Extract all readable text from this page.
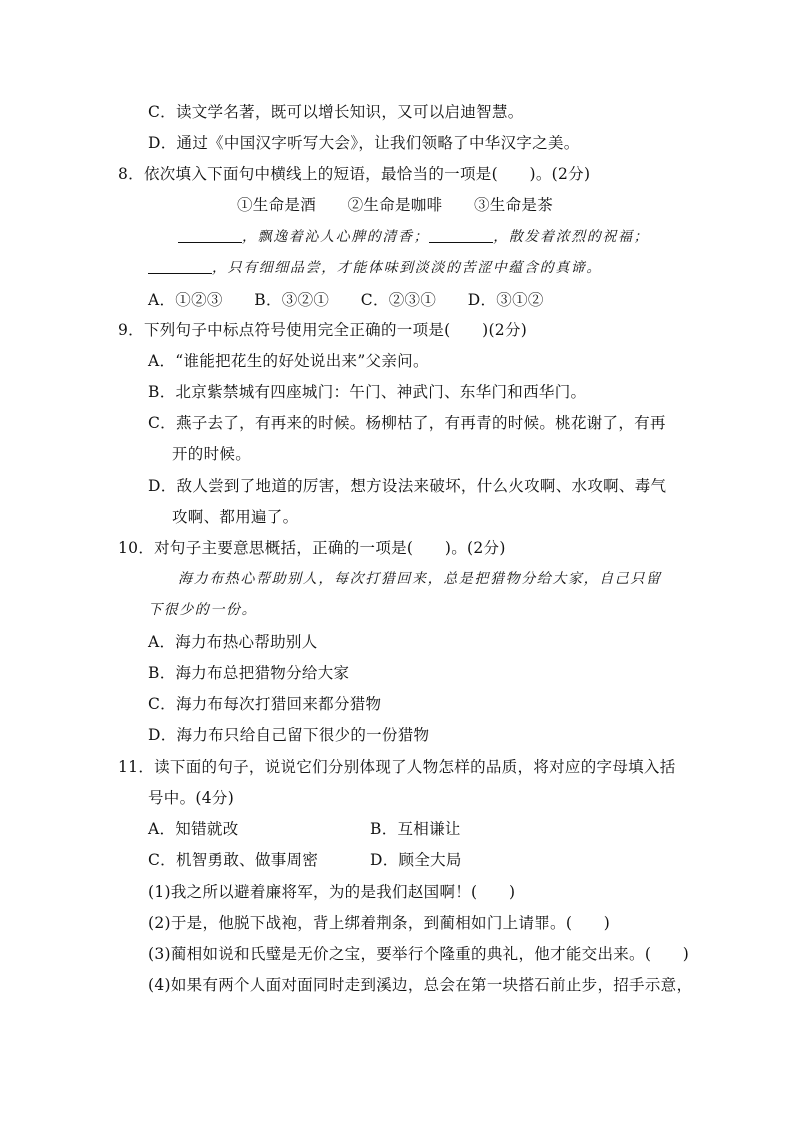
C．读文学名著，既可以增长知识，又可以启迪智慧。
D．通过《中国汉字听写大会》，让我们领略了中华汉字之美。
8．依次填入下面句中横线上的短语，最恰当的一项是(　　)。(2分)
①生命是酒　　②生命是咖啡　　③生命是茶
，飘逸着沁人心脾的清香；	，散发着浓烈的祝福；
，只有细细品尝，才能体味到淡淡的苦涩中蕴含的真谛。
A．①②③　　B．③②①　　C．②③①　　D．③①②
9．下列句子中标点符号使用完全正确的一项是(　　)(2分)
A．“谁能把花生的好处说出来”父亲问。
B．北京紫禁城有四座城门：午门、神武门、东华门和西华门。
C．燕子去了，有再来的时候。杨柳枯了，有再青的时候。桃花谢了，有再
开的时候。
D．敌人尝到了地道的厉害，想方设法来破坏，什么火攻啊、水攻啊、毒气
攻啊、都用遍了。
10．对句子主要意思概括，正确的一项是(　　)。(2分)
海力布热心帮助别人，每次打猎回来，总是把猎物分给大家，自己只留
下很少的一份。
A．海力布热心帮助别人
B．海力布总把猎物分给大家
C．海力布每次打猎回来都分猎物
D．海力布只给自己留下很少的一份猎物
11．读下面的句子，说说它们分别体现了人物怎样的品质，将对应的字母填入括
号中。(4分)
A．知错就改	B．互相谦让
C．机智勇敢、做事周密	D．顾全大局
(1)我之所以避着廉将军，为的是我们赵国啊！(　　)
(2)于是，他脱下战袍，背上绑着荆条，到蔺相如门上请罪。(　　)
(3)蔺相如说和氏璧是无价之宝，要举行个隆重的典礼，他才能交出来。(　　)
(4)如果有两个人面对面同时走到溪边，总会在第一块搭石前止步，招手示意，
